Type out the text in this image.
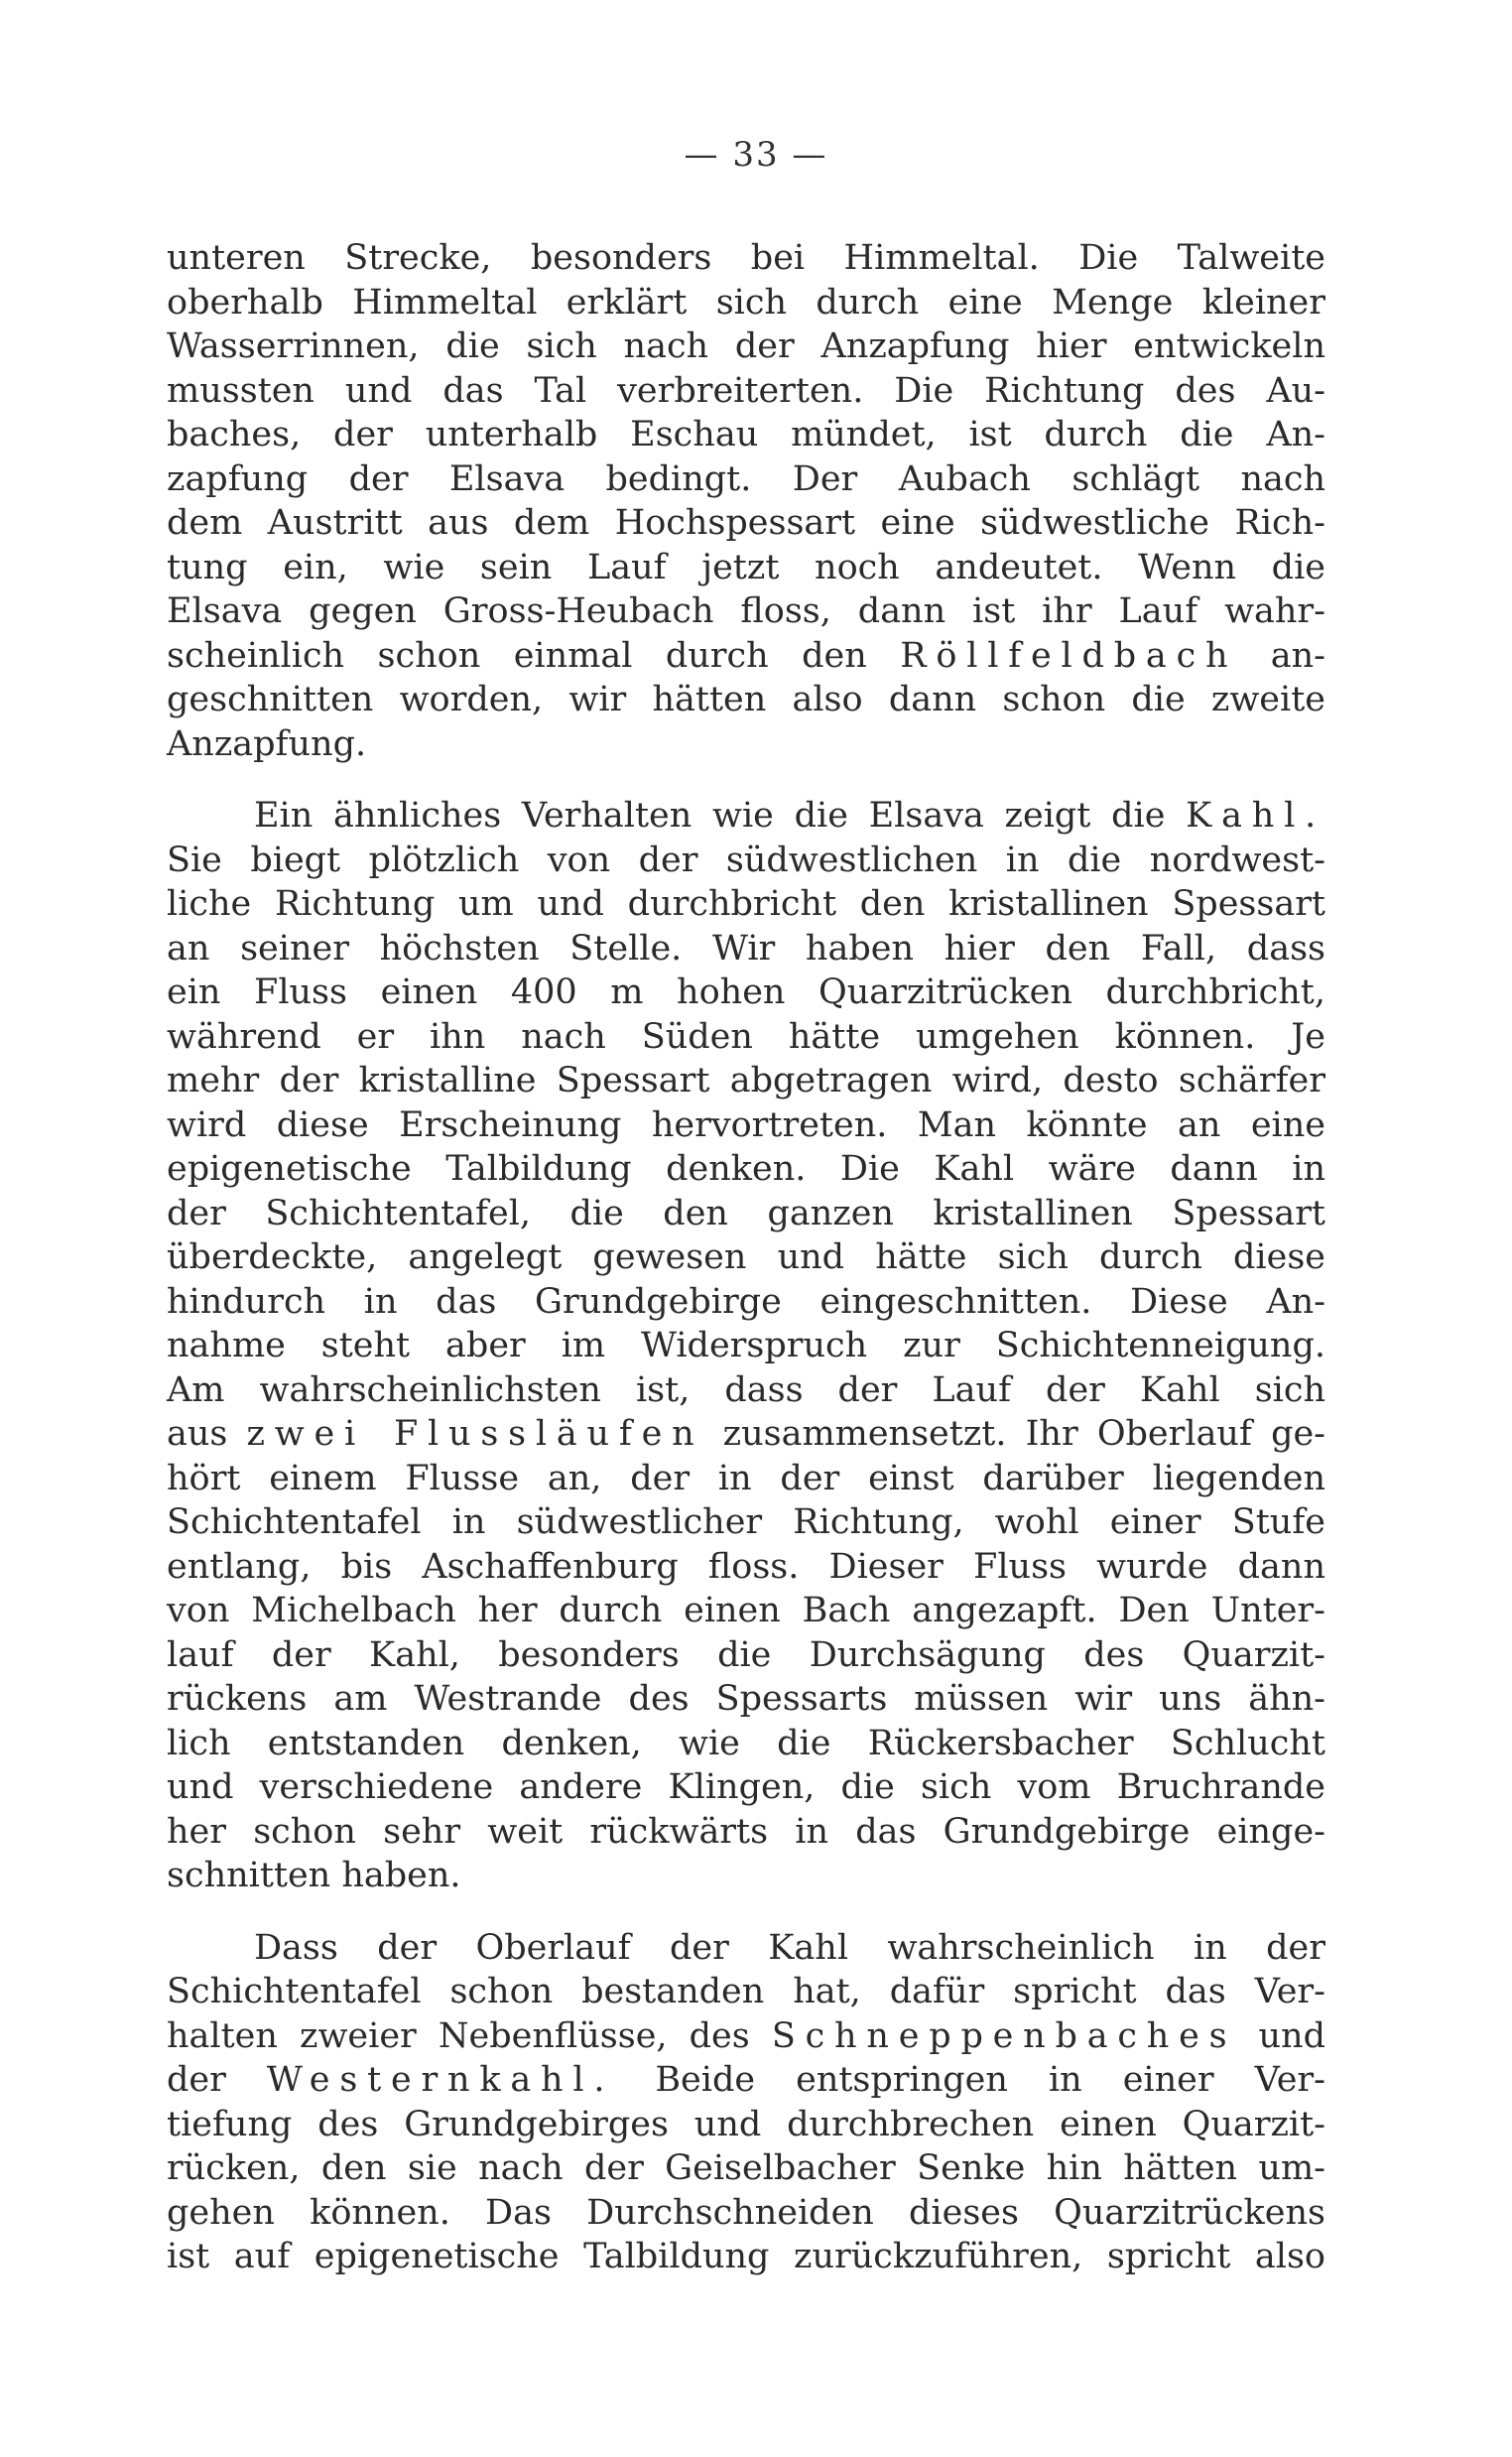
— 33 —
unteren Strecke, besonders bei Himmeltal. Die Talweite
oberhalb Himmeltal erklärt sich durch eine Menge kleiner
Wasserrinnen, die sich nach der Anzapfung hier entwickeln
mussten und das Tal verbreiterten. Die Richtung des Au-
baches, der unterhalb Eschau mündet, ist durch die An-
zapfung der Elsava bedingt. Der Aubach schlägt nach
dem Austritt aus dem Hochspessart eine südwestliche Rich-
tung ein, wie sein Lauf jetzt noch andeutet. Wenn die
Elsava gegen Gross-Heubach floss, dann ist ihr Lauf wahr-
scheinlich schon einmal durch den Röllfeldbach an-
geschnitten worden, wir hätten also dann schon die zweite
Anzapfung.
Ein ähnliches Verhalten wie die Elsava zeigt die Kahl.
Sie biegt plötzlich von der südwestlichen in die nordwest-
liche Richtung um und durchbricht den kristallinen Spessart
an seiner höchsten Stelle. Wir haben hier den Fall, dass
ein Fluss einen 400 m hohen Quarzitrücken durchbricht,
während er ihn nach Süden hätte umgehen können. Je
mehr der kristalline Spessart abgetragen wird, desto schärfer
wird diese Erscheinung hervortreten. Man könnte an eine
epigenetische Talbildung denken. Die Kahl wäre dann in
der Schichtentafel, die den ganzen kristallinen Spessart
überdeckte, angelegt gewesen und hätte sich durch diese
hindurch in das Grundgebirge eingeschnitten. Diese An-
nahme steht aber im Widerspruch zur Schichtenneigung.
Am wahrscheinlichsten ist, dass der Lauf der Kahl sich
aus zwei Flussläufen zusammensetzt. Ihr Oberlauf ge-
hört einem Flusse an, der in der einst darüber liegenden
Schichtentafel in südwestlicher Richtung, wohl einer Stufe
entlang, bis Aschaffenburg floss. Dieser Fluss wurde dann
von Michelbach her durch einen Bach angezapft. Den Unter-
lauf der Kahl, besonders die Durchsägung des Quarzit-
rückens am Westrande des Spessarts müssen wir uns ähn-
lich entstanden denken, wie die Rückersbacher Schlucht
und verschiedene andere Klingen, die sich vom Bruchrande
her schon sehr weit rückwärts in das Grundgebirge einge-
schnitten haben.
Dass der Oberlauf der Kahl wahrscheinlich in der
Schichtentafel schon bestanden hat, dafür spricht das Ver-
halten zweier Nebenflüsse, des Schneppenbaches und
der Westernkahl. Beide entspringen in einer Ver-
tiefung des Grundgebirges und durchbrechen einen Quarzit-
rücken, den sie nach der Geiselbacher Senke hin hätten um-
gehen können. Das Durchschneiden dieses Quarzitrückens
ist auf epigenetische Talbildung zurückzuführen, spricht also
